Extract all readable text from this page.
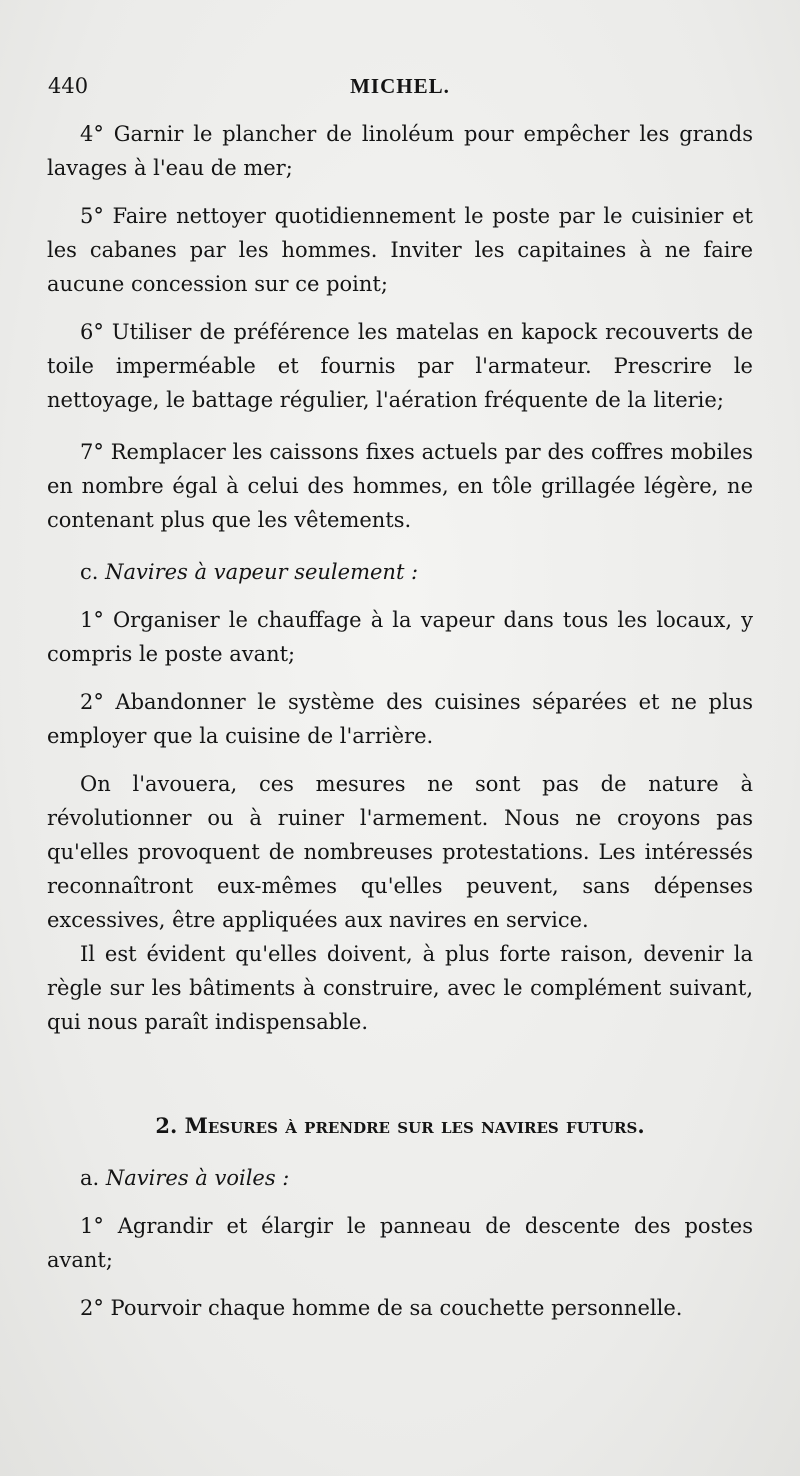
440	MICHEL.

4° Garnir le plancher de linoléum pour empêcher les grands lavages à l'eau de mer;

5° Faire nettoyer quotidiennement le poste par le cuisinier et les cabanes par les hommes. Inviter les capitaines à ne faire aucune concession sur ce point;

6° Utiliser de préférence les matelas en kapock recouverts de toile imperméable et fournis par l'armateur. Prescrire le nettoyage, le battage régulier, l'aération fréquente de la literie;

7° Remplacer les caissons fixes actuels par des coffres mobiles en nombre égal à celui des hommes, en tôle grillagée légère, ne contenant plus que les vêtements.

c. Navires à vapeur seulement :

1° Organiser le chauffage à la vapeur dans tous les locaux, y compris le poste avant;

2° Abandonner le système des cuisines séparées et ne plus employer que la cuisine de l'arrière.

On l'avouera, ces mesures ne sont pas de nature à révolutionner ou à ruiner l'armement. Nous ne croyons pas qu'elles provoquent de nombreuses protestations. Les intéressés reconnaîtront eux-mêmes qu'elles peuvent, sans dépenses excessives, être appliquées aux navires en service.

Il est évident qu'elles doivent, à plus forte raison, devenir la règle sur les bâtiments à construire, avec le complément suivant, qui nous paraît indispensable.

2. Mesures à prendre sur les navires futurs.

a. Navires à voiles :

1° Agrandir et élargir le panneau de descente des postes avant;

2° Pourvoir chaque homme de sa couchette personnelle.
